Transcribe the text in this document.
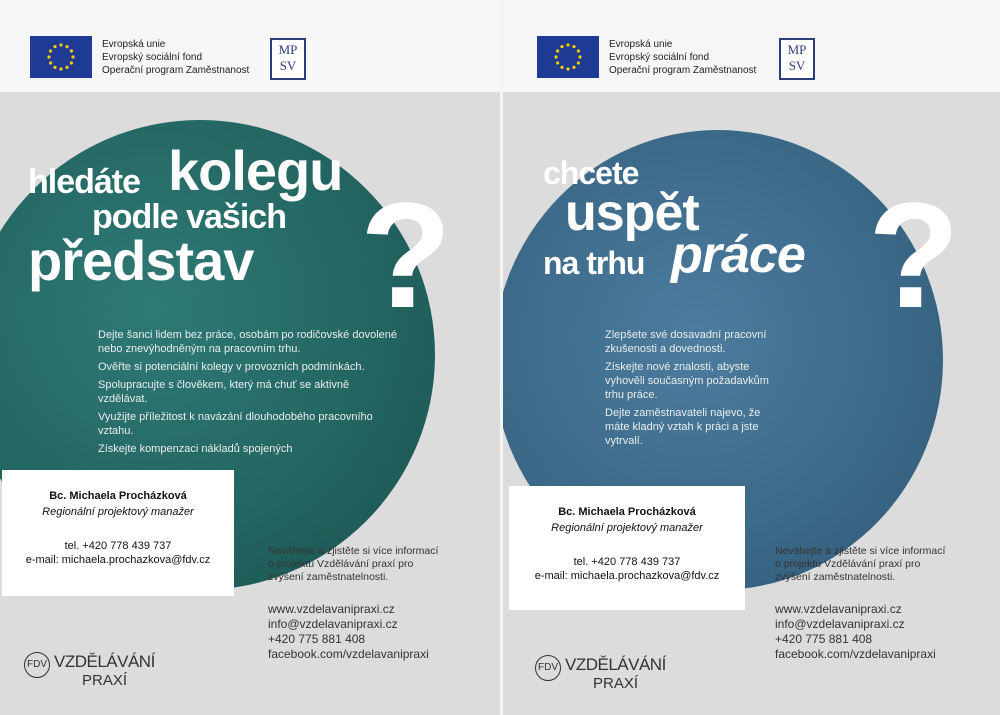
Evropská unie
Evropský sociální fond
Operační program Zaměstnanost
MP
SV
hledáte kolegu
podle vašich
představ ?

Dejte šanci lidem bez práce, osobám po rodičovské dovolené nebo znevýhodněným na pracovním trhu.

Ověřte si potenciální kolegy v provozních podmínkách.

Spolupracujte s člověkem, který má chuť se aktivně vzdělávat.

Využijte příležitost k navázání dlouhodobého pracovního vztahu.

Získejte kompenzaci nákladů spojených

Bc. Michaela Procházková
Regionální projektový manažer
tel. +420 778 439 737
e-mail: michaela.prochazkova@fdv.cz
Neváhejte a zjistěte si více informací
o projektu Vzdělávání praxí pro
zvýšení zaměstnatelnosti.
www.vzdelavanipraxi.cz
info@vzdelavanipraxi.cz
+420 775 881 408
facebook.com/vzdelavanipraxi
FDV VZDĚLÁVÁNÍ
PRAXÍ
Evropská unie
Evropský sociální fond
Operační program Zaměstnanost
MP
SV
chcete
uspět
na trhu práce ?

Zlepšete své dosavadní pracovní zkušenosti a dovednosti.

Získejte nové znalosti, abyste vyhověli současným požadavkům trhu práce.

Dejte zaměstnavateli najevo, že máte kladný vztah k práci a jste vytrvalí.

Bc. Michaela Procházková
Regionální projektový manažer
tel. +420 778 439 737
e-mail: michaela.prochazkova@fdv.cz
Neváhejte a zjistěte si více informací
o projektu Vzdělávání praxí pro
zvýšení zaměstnatelnosti.
www.vzdelavanipraxi.cz
info@vzdelavanipraxi.cz
+420 775 881 408
facebook.com/vzdelavanipraxi
FDV VZDĚLÁVÁNÍ
PRAXÍ
